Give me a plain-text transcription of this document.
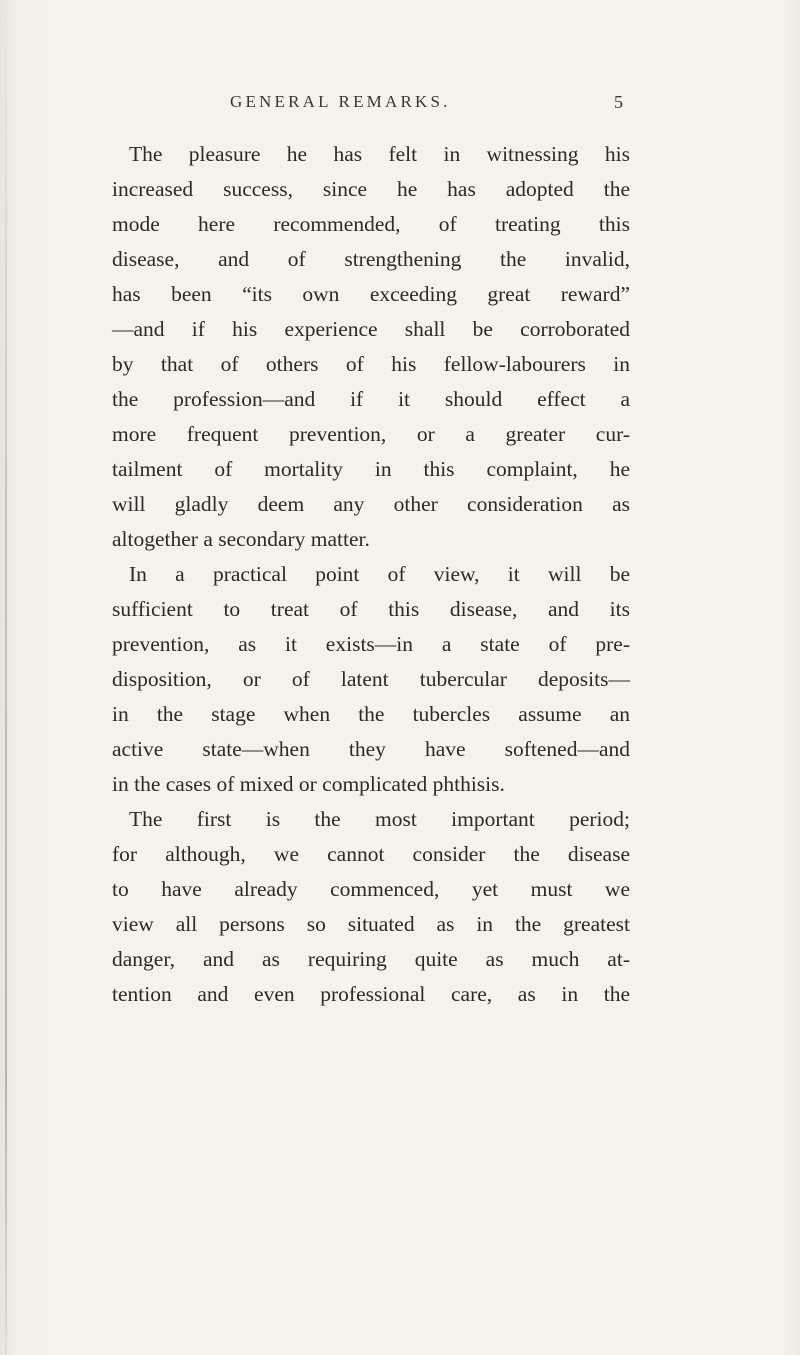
GENERAL REMARKS.	5
The pleasure he has felt in witnessing his
increased success, since he has adopted the
mode here recommended, of treating this
disease, and of strengthening the invalid,
has been “its own exceeding great reward”
—and if his experience shall be corroborated
by that of others of his fellow-labourers in
the profession—and if it should effect a
more frequent prevention, or a greater cur-
tailment of mortality in this complaint, he
will gladly deem any other consideration as
altogether a secondary matter.
In a practical point of view, it will be
sufficient to treat of this disease, and its
prevention, as it exists—in a state of pre-
disposition, or of latent tubercular deposits—
in the stage when the tubercles assume an
active state—when they have softened—and
in the cases of mixed or complicated phthisis.
The first is the most important period;
for although, we cannot consider the disease
to have already commenced, yet must we
view all persons so situated as in the greatest
danger, and as requiring quite as much at-
tention and even professional care, as in the
